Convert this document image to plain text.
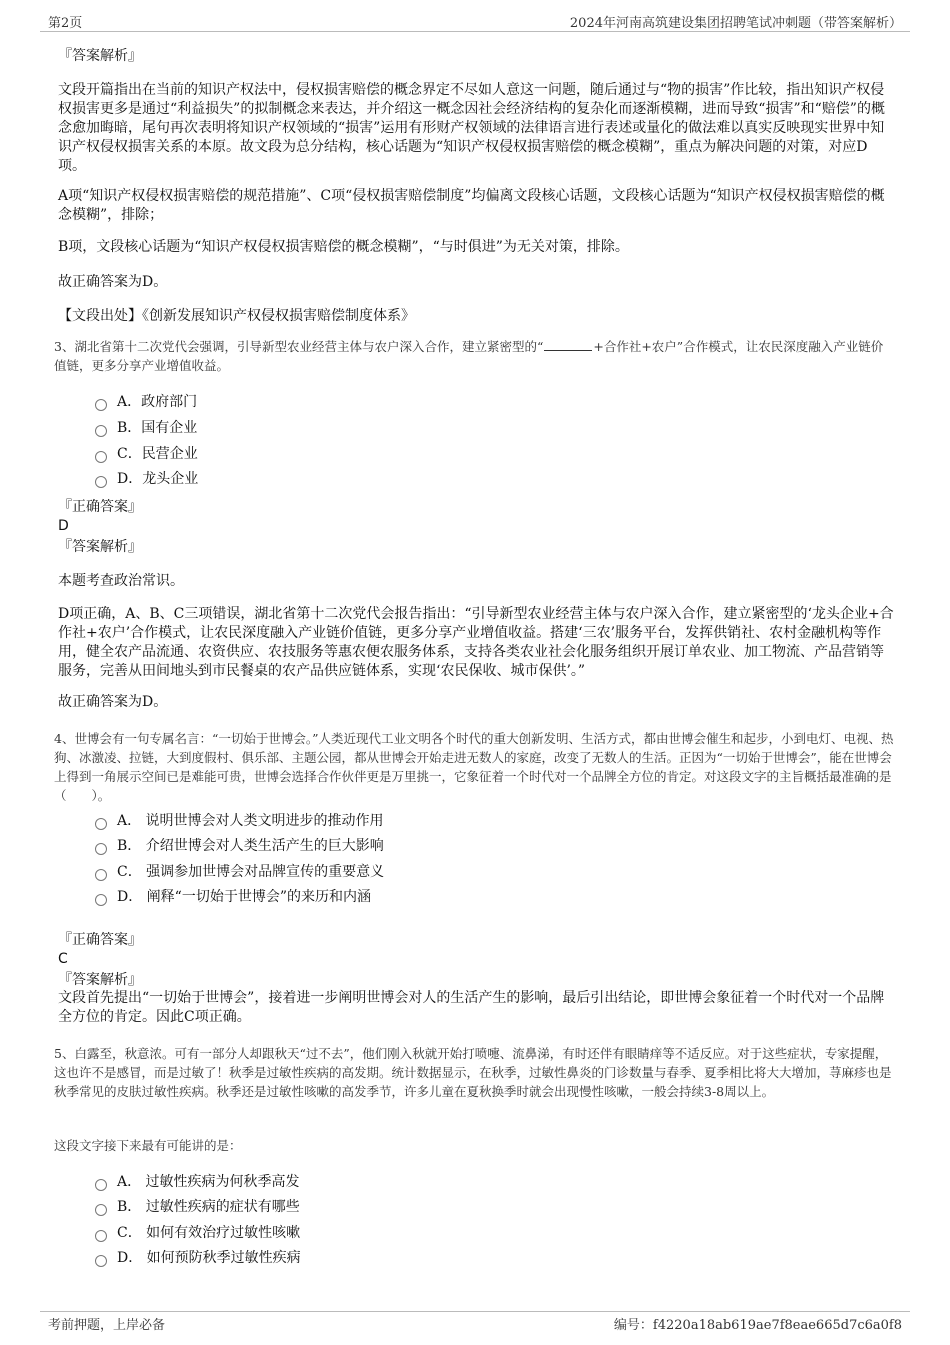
第2页	2024年河南高筑建设集团招聘笔试冲刺题（带答案解析）
『答案解析』
文段开篇指出在当前的知识产权法中，侵权损害赔偿的概念界定不尽如人意这一问题，随后通过与“物的损害”作比较，指出知识产权侵权损害更多是通过“利益损失”的拟制概念来表达，并介绍这一概念因社会经济结构的复杂化而逐渐模糊，进而导致“损害”和“赔偿”的概念愈加晦暗，尾句再次表明将知识产权领域的“损害”运用有形财产权领域的法律语言进行表述或量化的做法难以真实反映现实世界中知识产权侵权损害关系的本原。故文段为总分结构，核心话题为“知识产权侵权损害赔偿的概念模糊”，重点为解决问题的对策，对应D项。
A项“知识产权侵权损害赔偿的规范措施”、C项“侵权损害赔偿制度”均偏离文段核心话题，文段核心话题为“知识产权侵权损害赔偿的概念模糊”，排除；
B项，文段核心话题为“知识产权侵权损害赔偿的概念模糊”，“与时俱进”为无关对策，排除。
故正确答案为D。
【文段出处】《创新发展知识产权侵权损害赔偿制度体系》
3、湖北省第十二次党代会强调，引导新型农业经营主体与农户深入合作，建立紧密型的“	+合作社+农户”合作模式，让农民深度融入产业链价值链，更多分享产业增值收益。
A．政府部门
B．国有企业
C．民营企业
D．龙头企业
『正确答案』
D
『答案解析』
本题考查政治常识。
D项正确，A、B、C三项错误，湖北省第十二次党代会报告指出：“引导新型农业经营主体与农户深入合作，建立紧密型的‘龙头企业+合作社+农户’合作模式，让农民深度融入产业链价值链，更多分享产业增值收益。搭建‘三农’服务平台，发挥供销社、农村金融机构等作用，健全农产品流通、农资供应、农技服务等惠农便农服务体系，支持各类农业社会化服务组织开展订单农业、加工物流、产品营销等服务，完善从田间地头到市民餐桌的农产品供应链体系，实现‘农民保收、城市保供’。”
故正确答案为D。
4、世博会有一句专属名言：“一切始于世博会。”人类近现代工业文明各个时代的重大创新发明、生活方式，都由世博会催生和起步，小到电灯、电视、热狗、冰激凌、拉链，大到度假村、俱乐部、主题公园，都从世博会开始走进无数人的家庭，改变了无数人的生活。正因为“一切始于世博会”，能在世博会上得到一角展示空间已是难能可贵，世博会选择合作伙伴更是万里挑一，它象征着一个时代对一个品牌全方位的肯定。对这段文字的主旨概括最准确的是（　　）。
A． 说明世博会对人类文明进步的推动作用
B． 介绍世博会对人类生活产生的巨大影响
C． 强调参加世博会对品牌宣传的重要意义
D． 阐释“一切始于世博会”的来历和内涵
『正确答案』
C
『答案解析』
文段首先提出“一切始于世博会”，接着进一步阐明世博会对人的生活产生的影响，最后引出结论，即世博会象征着一个时代对一个品牌全方位的肯定。因此C项正确。
5、白露至，秋意浓。可有一部分人却跟秋天“过不去”，他们刚入秋就开始打喷嚏、流鼻涕，有时还伴有眼睛痒等不适反应。对于这些症状，专家提醒，这也许不是感冒，而是过敏了！秋季是过敏性疾病的高发期。统计数据显示，在秋季，过敏性鼻炎的门诊数量与春季、夏季相比将大大增加，荨麻疹也是秋季常见的皮肤过敏性疾病。秋季还是过敏性咳嗽的高发季节，许多儿童在夏秋换季时就会出现慢性咳嗽，一般会持续3-8周以上。
这段文字接下来最有可能讲的是：
A． 过敏性疾病为何秋季高发
B． 过敏性疾病的症状有哪些
C． 如何有效治疗过敏性咳嗽
D． 如何预防秋季过敏性疾病
考前押题，上岸必备	编号：f4220a18ab619ae7f8eae665d7c6a0f8
